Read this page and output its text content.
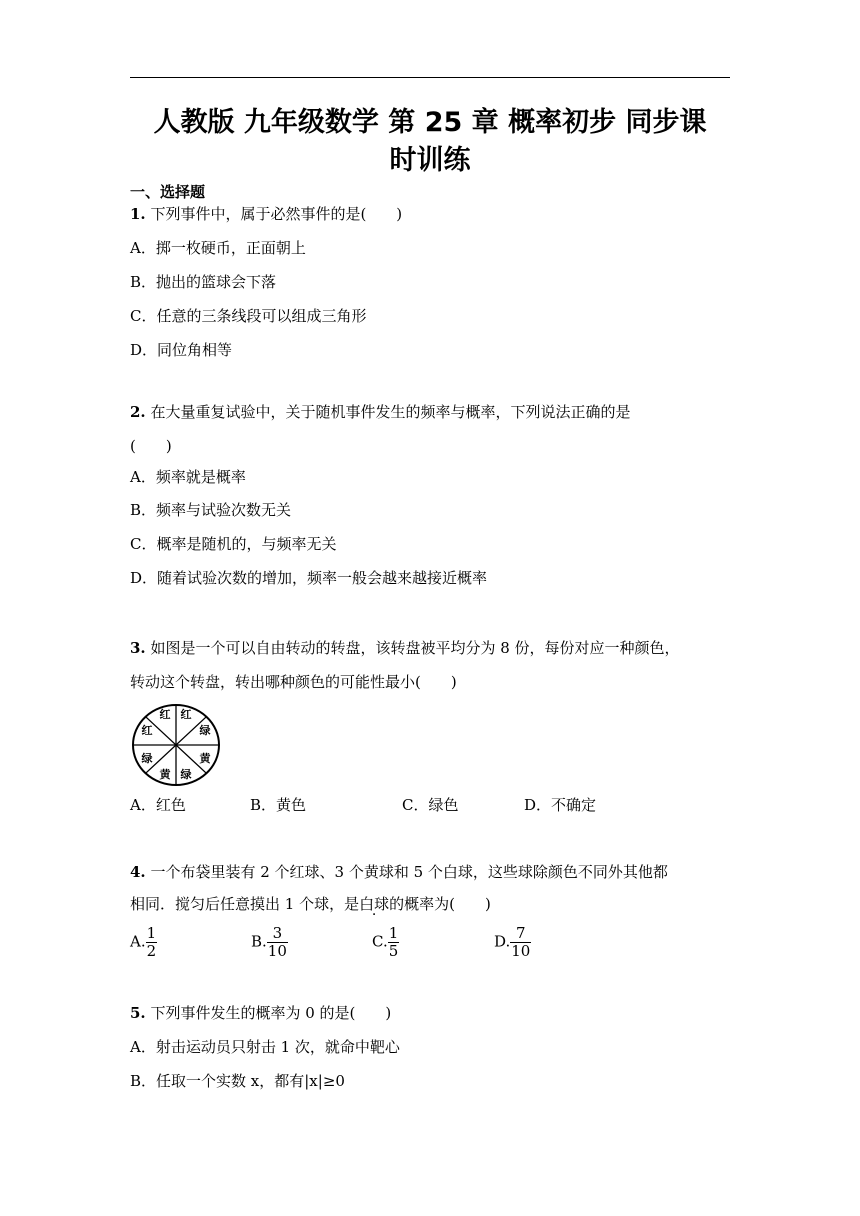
人教版 九年级数学 第 25 章 概率初步 同步课
时训练
一、选择题
1. 下列事件中，属于必然事件的是(　　)
A．掷一枚硬币，正面朝上
B．抛出的篮球会下落
C．任意的三条线段可以组成三角形
D．同位角相等
2. 在大量重复试验中，关于随机事件发生的频率与概率，下列说法正确的是
(　　)
A．频率就是概率
B．频率与试验次数无关
C．概率是随机的，与频率无关
D．随着试验次数的增加，频率一般会越来越接近概率
3. 如图是一个可以自由转动的转盘，该转盘被平均分为 8 份，每份对应一种颜色，
转动这个转盘，转出哪种颜色的可能性最小(　　)
红
绿
黄
绿
黄
绿
红
红
A．红色	B．黄色	C．绿色	D．不确定
4. 一个布袋里装有 2 个红球、3 个黄球和 5 个白球，这些球除颜色不同外其他都
相同．搅匀后任意摸出 1 个球，是白球的概率为(　　)
A. $\frac{1}{2}$	B. $\frac{3}{10}$	C. $\frac{1}{5}$	D. $\frac{7}{10}$
5. 下列事件发生的概率为 0 的是(　　)
A．射击运动员只射击 1 次，就命中靶心
B．任取一个实数 x，都有|x|≥0
